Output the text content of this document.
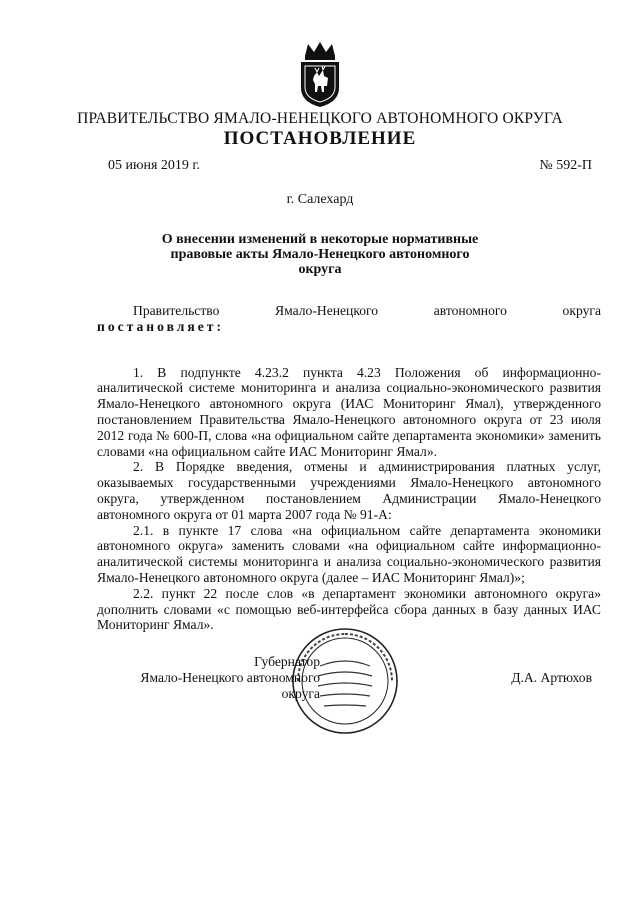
ПРАВИТЕЛЬСТВО ЯМАЛО-НЕНЕЦКОГО АВТОНОМНОГО ОКРУГА
ПОСТАНОВЛЕНИЕ
05 июня 2019 г.	№ 592-П
г. Салехард
О внесении изменений в некоторые нормативные правовые акты Ямало-Ненецкого автономного округа

Правительство Ямало-Ненецкого автономного округа

постановляет:

1. В подпункте 4.23.2 пункта 4.23 Положения об информационно-аналитической системе мониторинга и анализа социально-экономического развития Ямало-Ненецкого автономного округа (ИАС Мониторинг Ямал), утвержденного постановлением Правительства Ямало-Ненецкого автономного округа от 23 июля 2012 года № 600-П, слова «на официальном сайте департамента экономики» заменить словами «на официальном сайте ИАС Мониторинг Ямал».

2. В Порядке введения, отмены и администрирования платных услуг, оказываемых государственными учреждениями Ямало-Ненецкого автономного округа, утвержденном постановлением Администрации Ямало-Ненецкого автономного округа от 01 марта 2007 года № 91-А:

2.1. в пункте 17 слова «на официальном сайте департамента экономики автономного округа» заменить словами «на официальном сайте информационно-аналитической системы мониторинга и анализа социально-экономического развития Ямало-Ненецкого автономного округа (далее – ИАС Мониторинг Ямал)»;

2.2. пункт 22 после слов «в департамент экономики автономного округа» дополнить словами «с помощью веб-интерфейса сбора данных в базу данных ИАС Мониторинг Ямал».

Губернатор
Ямало-Ненецкого автономного округа
Д.А. Артюхов
